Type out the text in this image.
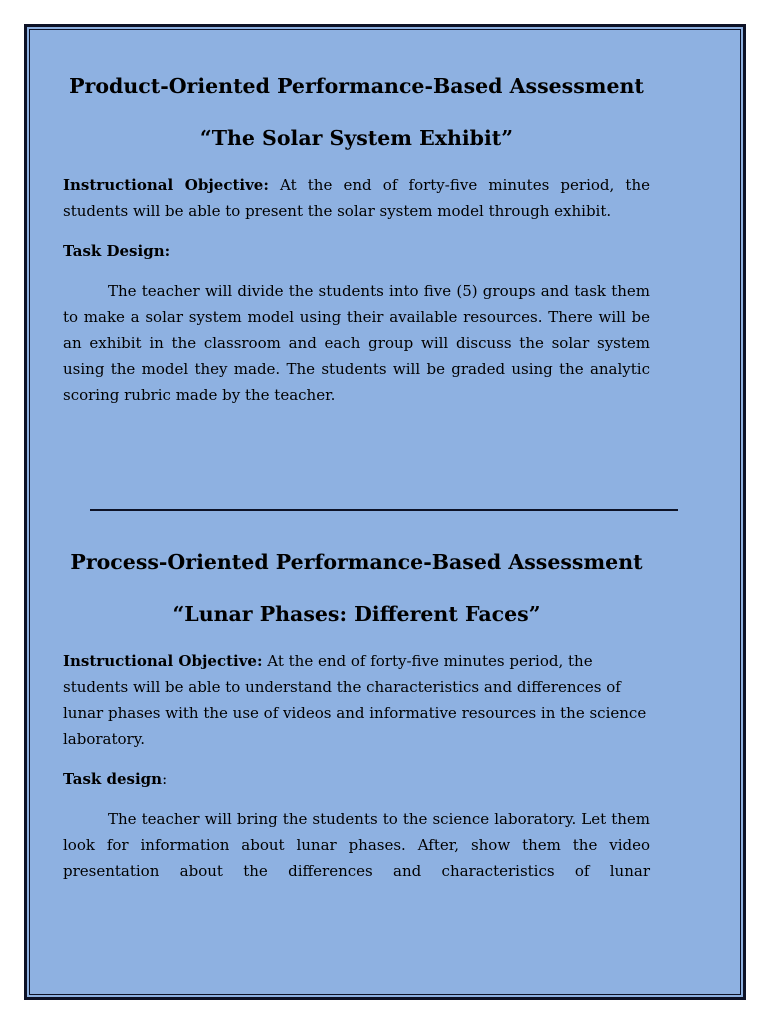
Product-Oriented Performance-Based Assessment
“The Solar System Exhibit”

Instructional Objective: At the end of forty-five minutes period, the students will be able to present the solar system model through exhibit.

Task Design:

The teacher will divide the students into five (5) groups and task them to make a solar system model using their available resources. There will be an exhibit in the classroom and each group will discuss the solar system using the model they made. The students will be graded using the analytic scoring rubric made by the teacher.

Process-Oriented Performance-Based Assessment
“Lunar Phases: Different Faces”

Instructional Objective: At the end of forty-five minutes period, the students will be able to understand the characteristics and differences of lunar phases with the use of videos and informative resources in the science laboratory.

Task design:

The teacher will bring the students to the science laboratory. Let them look for information about lunar phases. After, show them the video presentation about the differences and characteristics of lunar
